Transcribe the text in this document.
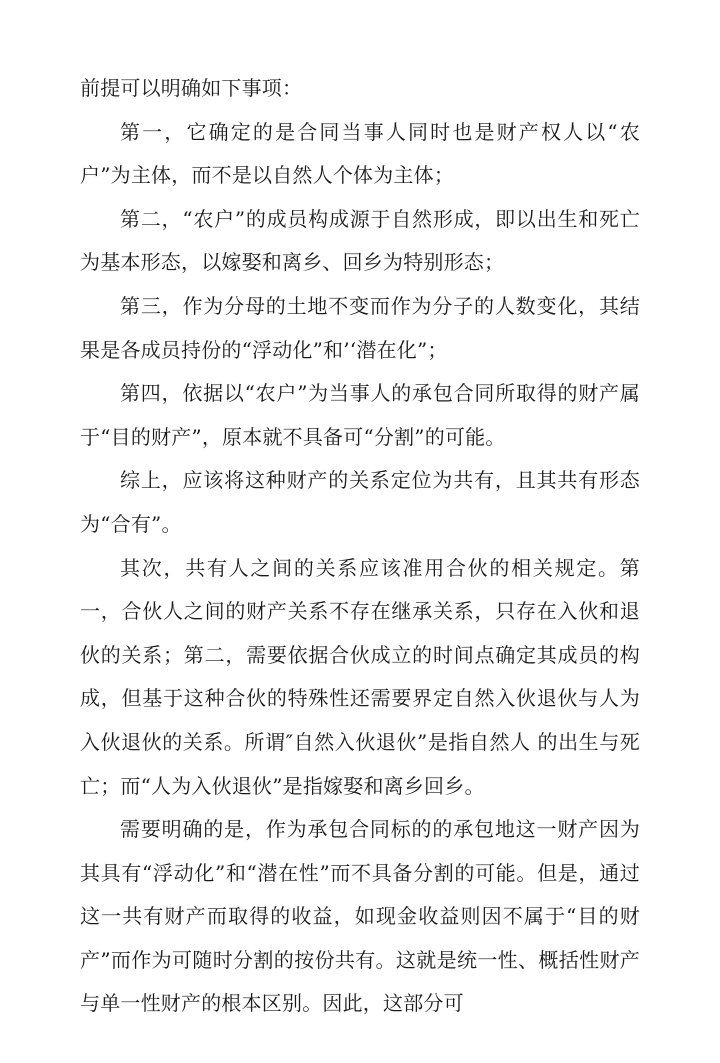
前提可以明确如下事项：

第一，它确定的是合同当事人同时也是财产权人以“农户”为主体，而不是以自然人个体为主体；

第二，“农户”的成员构成源于自然形成，即以出生和死亡为基本形态，以嫁娶和离乡、回乡为特别形态；

第三，作为分母的土地不变而作为分子的人数变化，其结果是各成员持份的“浮动化”和’‘潜在化”；

第四，依据以“农户”为当事人的承包合同所取得的财产属于“目的财产”，原本就不具备可“分割”的可能。

综上，应该将这种财产的关系定位为共有，且其共有形态为“合有”。

其次，共有人之间的关系应该准用合伙的相关规定。第一，合伙人之间的财产关系不存在继承关系，只存在入伙和退伙的关系；第二，需要依据合伙成立的时间点确定其成员的构成，但基于这种合伙的特殊性还需要界定自然入伙退伙与人为入伙退伙的关系。所谓″自然入伙退伙”是指自然人 的出生与死亡；而“人为入伙退伙”是指嫁娶和离乡回乡。

需要明确的是，作为承包合同标的的承包地这一财产因为其具有“浮动化”和“潜在性”而不具备分割的可能。但是，通过这一共有财产而取得的收益，如现金收益则因不属于“目的财产”而作为可随时分割的按份共有。这就是统一性、概括性财产与单一性财产的根本区别。因此，这部分可
